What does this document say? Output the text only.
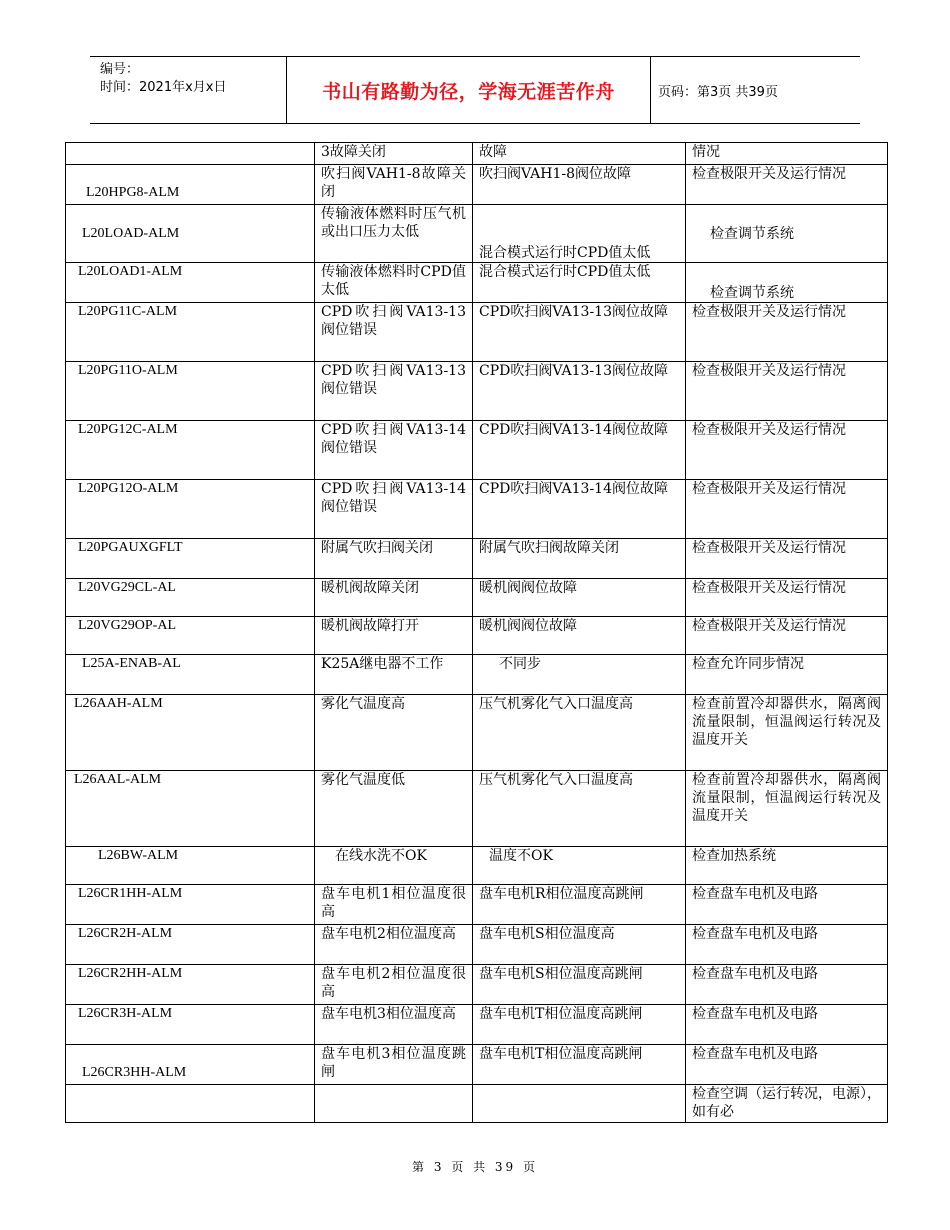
编号：
时间：2021年x月x日	书山有路勤为径，学海无涯苦作舟	页码：第3页 共39页
	3故障关闭	故障	情况
L20HPG8-ALM	吹扫阀VAH1-8故障关闭	吹扫阀VAH1-8阀位故障	检查极限开关及运行情况
L20LOAD-ALM	传输液体燃料时压气机或出口压力太低	混合模式运行时CPD值太低	检查调节系统
L20LOAD1-ALM	传输液体燃料时CPD值太低	混合模式运行时CPD值太低	检查调节系统
L20PG11C-ALM	CPD吹扫阀VA13-13阀位错误	CPD吹扫阀VA13-13阀位故障	检查极限开关及运行情况
L20PG11O-ALM	CPD吹扫阀VA13-13阀位错误	CPD吹扫阀VA13-13阀位故障	检查极限开关及运行情况
L20PG12C-ALM	CPD吹扫阀VA13-14阀位错误	CPD吹扫阀VA13-14阀位故障	检查极限开关及运行情况
L20PG12O-ALM	CPD吹扫阀VA13-14阀位错误	CPD吹扫阀VA13-14阀位故障	检查极限开关及运行情况
L20PGAUXGFLT	附属气吹扫阀关闭	附属气吹扫阀故障关闭	检查极限开关及运行情况
L20VG29CL-AL	暖机阀故障关闭	暖机阀阀位故障	检查极限开关及运行情况
L20VG29OP-AL	暖机阀故障打开	暖机阀阀位故障	检查极限开关及运行情况
L25A-ENAB-AL	K25A继电器不工作	不同步	检查允许同步情况
L26AAH-ALM	雾化气温度高	压气机雾化气入口温度高	检查前置冷却器供水，隔离阀流量限制，恒温阀运行转况及温度开关
L26AAL-ALM	雾化气温度低	压气机雾化气入口温度高	检查前置冷却器供水，隔离阀流量限制，恒温阀运行转况及温度开关
L26BW-ALM	在线水洗不OK	温度不OK	检查加热系统
L26CR1HH-ALM	盘车电机1相位温度很高	盘车电机R相位温度高跳闸	检查盘车电机及电路
L26CR2H-ALM	盘车电机2相位温度高	盘车电机S相位温度高	检查盘车电机及电路
L26CR2HH-ALM	盘车电机2相位温度很高	盘车电机S相位温度高跳闸	检查盘车电机及电路
L26CR3H-ALM	盘车电机3相位温度高	盘车电机T相位温度高跳闸	检查盘车电机及电路
L26CR3HH-ALM	盘车电机3相位温度跳闸	盘车电机T相位温度高跳闸	检查盘车电机及电路
			检查空调（运行转况，电源），如有必
第 3 页 共 39 页
